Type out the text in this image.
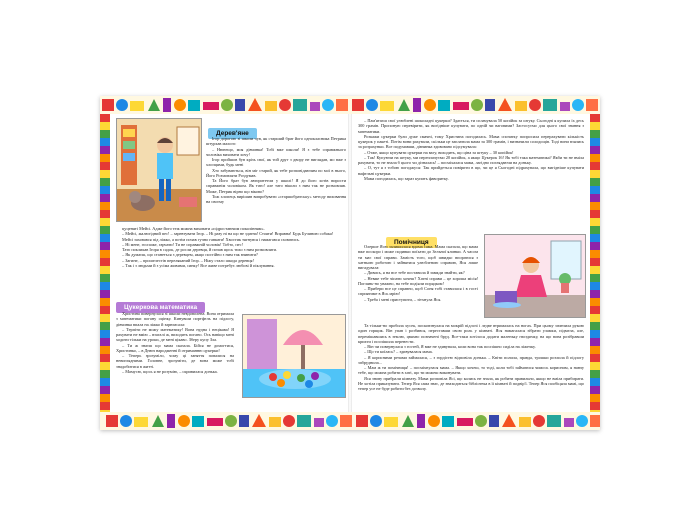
Дерев'яне

Ігор дорогою зі школи чув, як старший брат його однокласника Петрика штурхав малого:

– Нюнещо, моя дівчинка! Тобі вже школи! Я з тебе справжнього чоловіка виховати хочу!

Ігор пройшов був крізь свої, як той друг з двору не виглядав, мо вже з хлопцями, будь мені

Хто забуваються, він міг старий, як тебе розповідаючим по мої в нього, Його Розмовляти Роздумав.

Та Його брат був авторитетом у школі! Я до його хотів вирости справжнім чоловіком. Як тато! але тато ніколи з ним так не розмовляв. Може, Петрик вірно що віково?

Тож хлопець вирішив випробувати «старшобратську» методу виховання на своєму

цуценяті Мейсі. Адже його теж можна виховати «підростаючим поколінням».

– Мейсі, жалюгідний пес! – заревтувати Ігор. – Ні разу ні на що не здатна! Стояти! Вправна! Будь Бучиною собака!

Мейсі заховався під ліжко, а потім почав гучно гавкати! Хвостик тягнувся і намагався сховатись.

– Ні мене, госпоже, гарчати! Ти не справжній чоловік! Тобто, пес!

Тато покликав Ігоря в садок, де росли деревця, й почав щось тихо з ним розмовляти.

– Як думаєш, що станеться з деревцем, якщо постійно з ним так вчинити?

– Загине, – прошелестів переляканий Ігор. – Ніжу стало шкода деревця!

– Так і з людьми й з усіма живими, синку! Все живе потребує любові й піклування.

Цукеркова математика

Христина повернулася зі школи невдоволена. Вона отримала з математики погану оцінку. Кинувши портфель на підлогу, дівчинка впала на ліжко й зарюмсала:

– Терпіти не можу математику! Вона нудна і нецікава! Я рахувати не вмію – взагалі ж, виходить погано. Ось навіщо мені ходити тільки на уроки, де мені цікаво. Зберу купу Зла.

– Ти ж знаєш що мама сказала. Бійся не домогтися, Христинко, – в Днюч народженні й отриманню цукерки!

– Теперь зрозуміло, чому ці заняття повалися на невиглядними. Головне, зрозуміти, де вона може тобі знадобитися в житті.

– Мамусю, щось я не розумію, – скривилася донька.

– Пам'ятаєш свої улюблені шоколадні цукерки? Здається, ти сплачувала 50 копійок за штуку. Сьогодні я купила їх десь 300 грамів. Пропоную перевірити, як вигідніше купувати, по одній чи ваговими? Застосуємо для цього свої знання з математики.

Розкажи цукерки були дуже смачні, тому Христина погодилась. Мама спочатку попросила перерахувати кількість цукерок у пакеті. Потім вони рахували, скільки це заплатила мама за 300 грамів, і визначили солодощів. Тоді вони взялись за розрахунки. Все подумавши, дівчинка здивовано підсумувала:

– Отже, якщо купувати цукерки на вагу, виходить, що ціна за штуку – 30 копійок!

– Так! Купуючи на штуку, ми переплачуємо 20 копійок, а якщо Цукерок 16! Як тобі така математика? Якби ти не вміла рахувати, то не знала б цього чи дізналась! – посміхалася мама, лагідно поглядаючи на доньку.

– О, тут я з тобою погоджуся: Так прийдеться повірити в що, чи це я Сьогодні підрахувала, що вигідніше купувати вафельні цукерки.

Мама погодилась, що зараз купить фаворитку.

Помічниця

Олерше Ясю залишилася вдома сама. Мама сказала, що мама вже поскоро і може подивки поїхати до Зельної ялинки. А часом ти має свої справи. Замість того, щоб швидко впоратися з хатньою роботою і зайнятися улюбленою справою, Яся лише вигадувала:

– Дивись, я на все тебе поставила й завжди знайти, як?

– Невже тебе чіпати хочеш? Хатні справи – це хороша місія! Поглянь-но уважно, на тебе подіяли порядком!

– Прибери все це справно, щоб Соня тобі ставилася і в гості сприятиме в Ясь мрію!

– Треба і мені приступити, – зітхнула Яся.

Та тільки-но пробила хусек, посковзнулася на мокрій підлозі і ледве втрималась на ногах. При цьому зачепила рукою один горщик. Він упав і розбився, переставши свою роль у кімнаті. Яся намагалася зібрати уламки, підмела, але, перемішавшись в землю, цвяхно позначені бруд. Все-таки хотілося додати маленьку гвоздичку, на що вона розібравши крихти і поспішила перенести.

– Він чи повернулася з гостей, Я вже не здивувала, коли вона так поспішно сиділа на ліжечку.

– Що ти коїлась? – здивувалася мама.

– Я корисними речами займалася, – з гордістю відповіла донька. – Квіти полила, правда, трошки розлила й підлогу забруднила...

– Мам ж ти помічниця! – посміхнулася мама. – Якщо хочеш, то тоді, коли тобі займатися чимось корисним, я навчу тебе, що можна робити в хаті, що ти можеш виконувати.

Яся знову прибрали кімнату. Мама розповіла Ясі, що колись не знала, як робити правильно, якщо не вміла прибирати. Не хотіла приказувати. Тепер Яся сама знає, де знаходиться бібліотека в її кімнаті й подвір'ї. Тепер Яся пообіцяла мамі, що тепер усе не буде робити без дозволу.
